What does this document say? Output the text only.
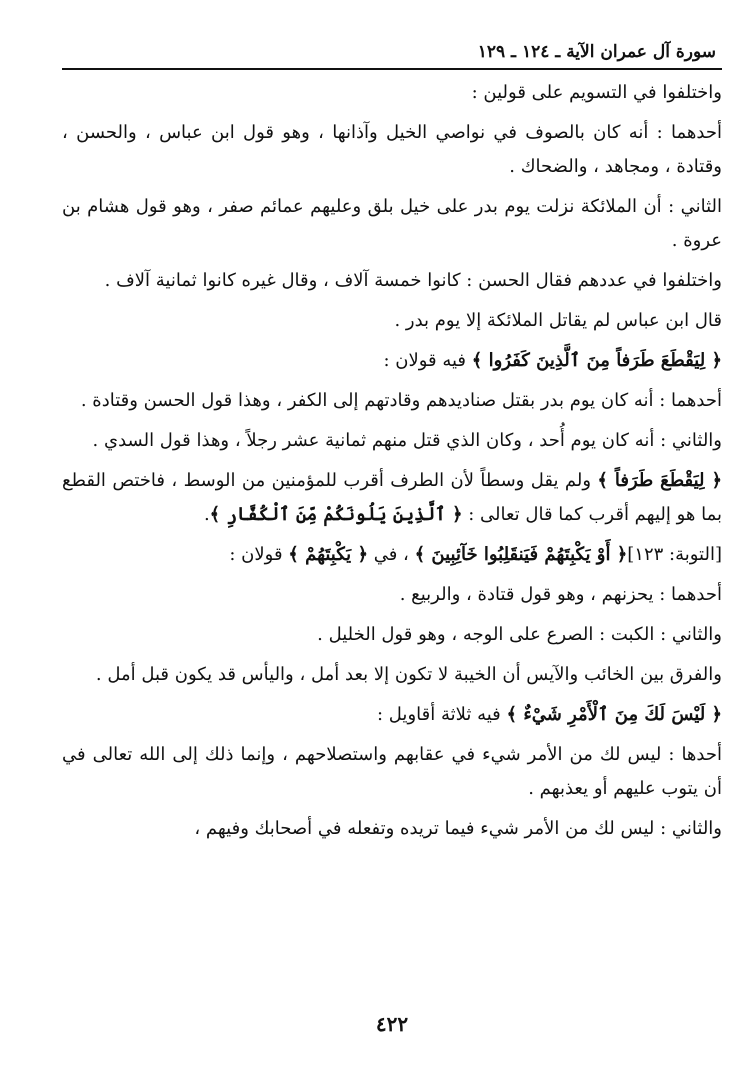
سورة آل عمران الآية ـ ١٢٤ ـ ١٢٩

واختلفوا في التسويم على قولين :

أحدهما : أنه كان بالصوف في نواصي الخيل وآذانها ، وهو قول ابن عباس ، والحسن ، وقتادة ، ومجاهد ، والضحاك .

الثاني : أن الملائكة نزلت يوم بدر على خيل بلق وعليهم عمائم صفر ، وهو قول هشام بن عروة .

واختلفوا في عددهم فقال الحسن : كانوا خمسة آلاف ، وقال غيره كانوا ثمانية آلاف .

قال ابن عباس لم يقاتل الملائكة إلا يوم بدر .

﴿ لِيَقْطَعَ طَرَفاً مِنَ ٱلَّذِينَ كَفَرُوا ﴾ فيه قولان :

أحدهما : أنه كان يوم بدر بقتل صناديدهم وقادتهم إلى الكفر ، وهذا قول الحسن وقتادة .

والثاني : أنه كان يوم أُحد ، وكان الذي قتل منهم ثمانية عشر رجلاً ، وهذا قول السدي .

﴿ لِيَقْطَعَ طَرَفاً ﴾ ولم يقل وسطاً لأن الطرف أقرب للمؤمنين من الوسط ، فاختص القطع بما هو إليهم أقرب كما قال تعالى : ﴿ ٱلَّذِينَ يَلُونَكُمْ مِّنَ ٱلْكُفَّارِ ﴾.

[التوبة: ١٢٣]﴿ أَوْ يَكْبِتَهُمْ فَيَنقَلِبُوا خَآئِبِينَ ﴾ ، في ﴿ يَكْبِتَهُمْ ﴾ قولان :

أحدهما : يحزنهم ، وهو قول قتادة ، والربيع .

والثاني : الكبت : الصرع على الوجه ، وهو قول الخليل .

والفرق بين الخائب والآيس أن الخيبة لا تكون إلا بعد أمل ، واليأس قد يكون قبل أمل .

﴿ لَيْسَ لَكَ مِنَ ٱلْأَمْرِ شَيْءٌ ﴾ فيه ثلاثة أقاويل :

أحدها : ليس لك من الأمر شيء في عقابهم واستصلاحهم ، وإنما ذلك إلى الله تعالى في أن يتوب عليهم أو يعذبهم .

والثاني : ليس لك من الأمر شيء فيما تريده وتفعله في أصحابك وفيهم ،

٤٢٢
